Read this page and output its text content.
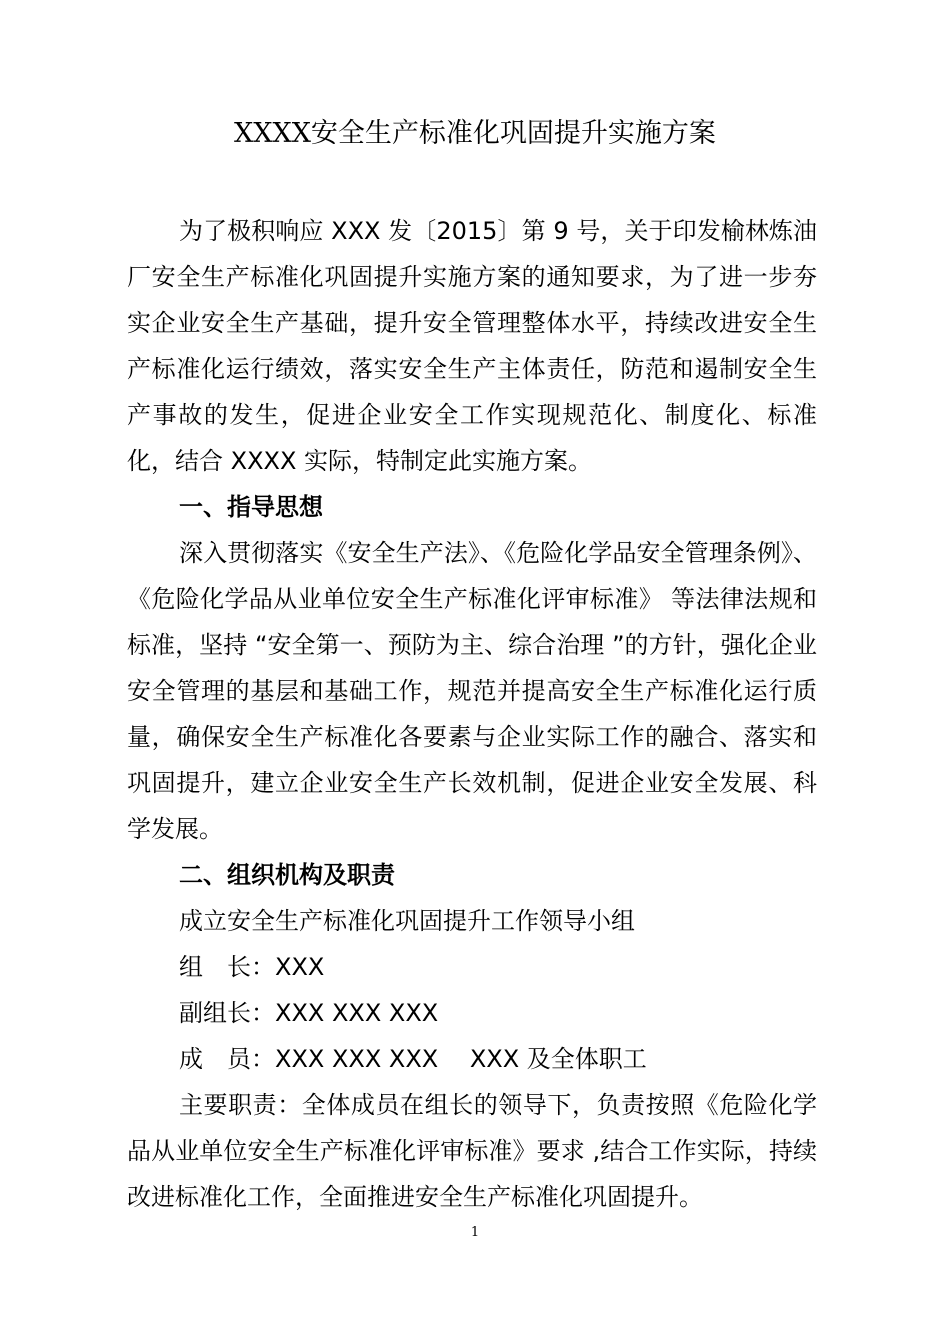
XXXX安全生产标准化巩固提升实施方案

为了极积响应 XXX 发〔2015〕第 9 号，关于印发榆林炼油厂安全生产标准化巩固提升实施方案的通知要求，为了进一步夯实企业安全生产基础，提升安全管理整体水平，持续改进安全生产标准化运行绩效，落实安全生产主体责任，防范和遏制安全生产事故的发生，促进企业安全工作实现规范化、制度化、标准化，结合 XXXX 实际，特制定此实施方案。

一、指导思想

深入贯彻落实《安全生产法》、《危险化学品安全管理条例》、《危险化学品从业单位安全生产标准化评审标准》 等法律法规和标准，坚持 “安全第一、预防为主、综合治理 ”的方针，强化企业安全管理的基层和基础工作，规范并提高安全生产标准化运行质量，确保安全生产标准化各要素与企业实际工作的融合、落实和巩固提升，建立企业安全生产长效机制，促进企业安全发展、科学发展。

二、组织机构及职责

成立安全生产标准化巩固提升工作领导小组

组　长：XXX

副组长：XXX XXX XXX

成　员：XXX XXX XXX　 XXX 及全体职工

主要职责：全体成员在组长的领导下，负责按照《危险化学品从业单位安全生产标准化评审标准》要求 ,结合工作实际，持续改进标准化工作，全面推进安全生产标准化巩固提升。

1
